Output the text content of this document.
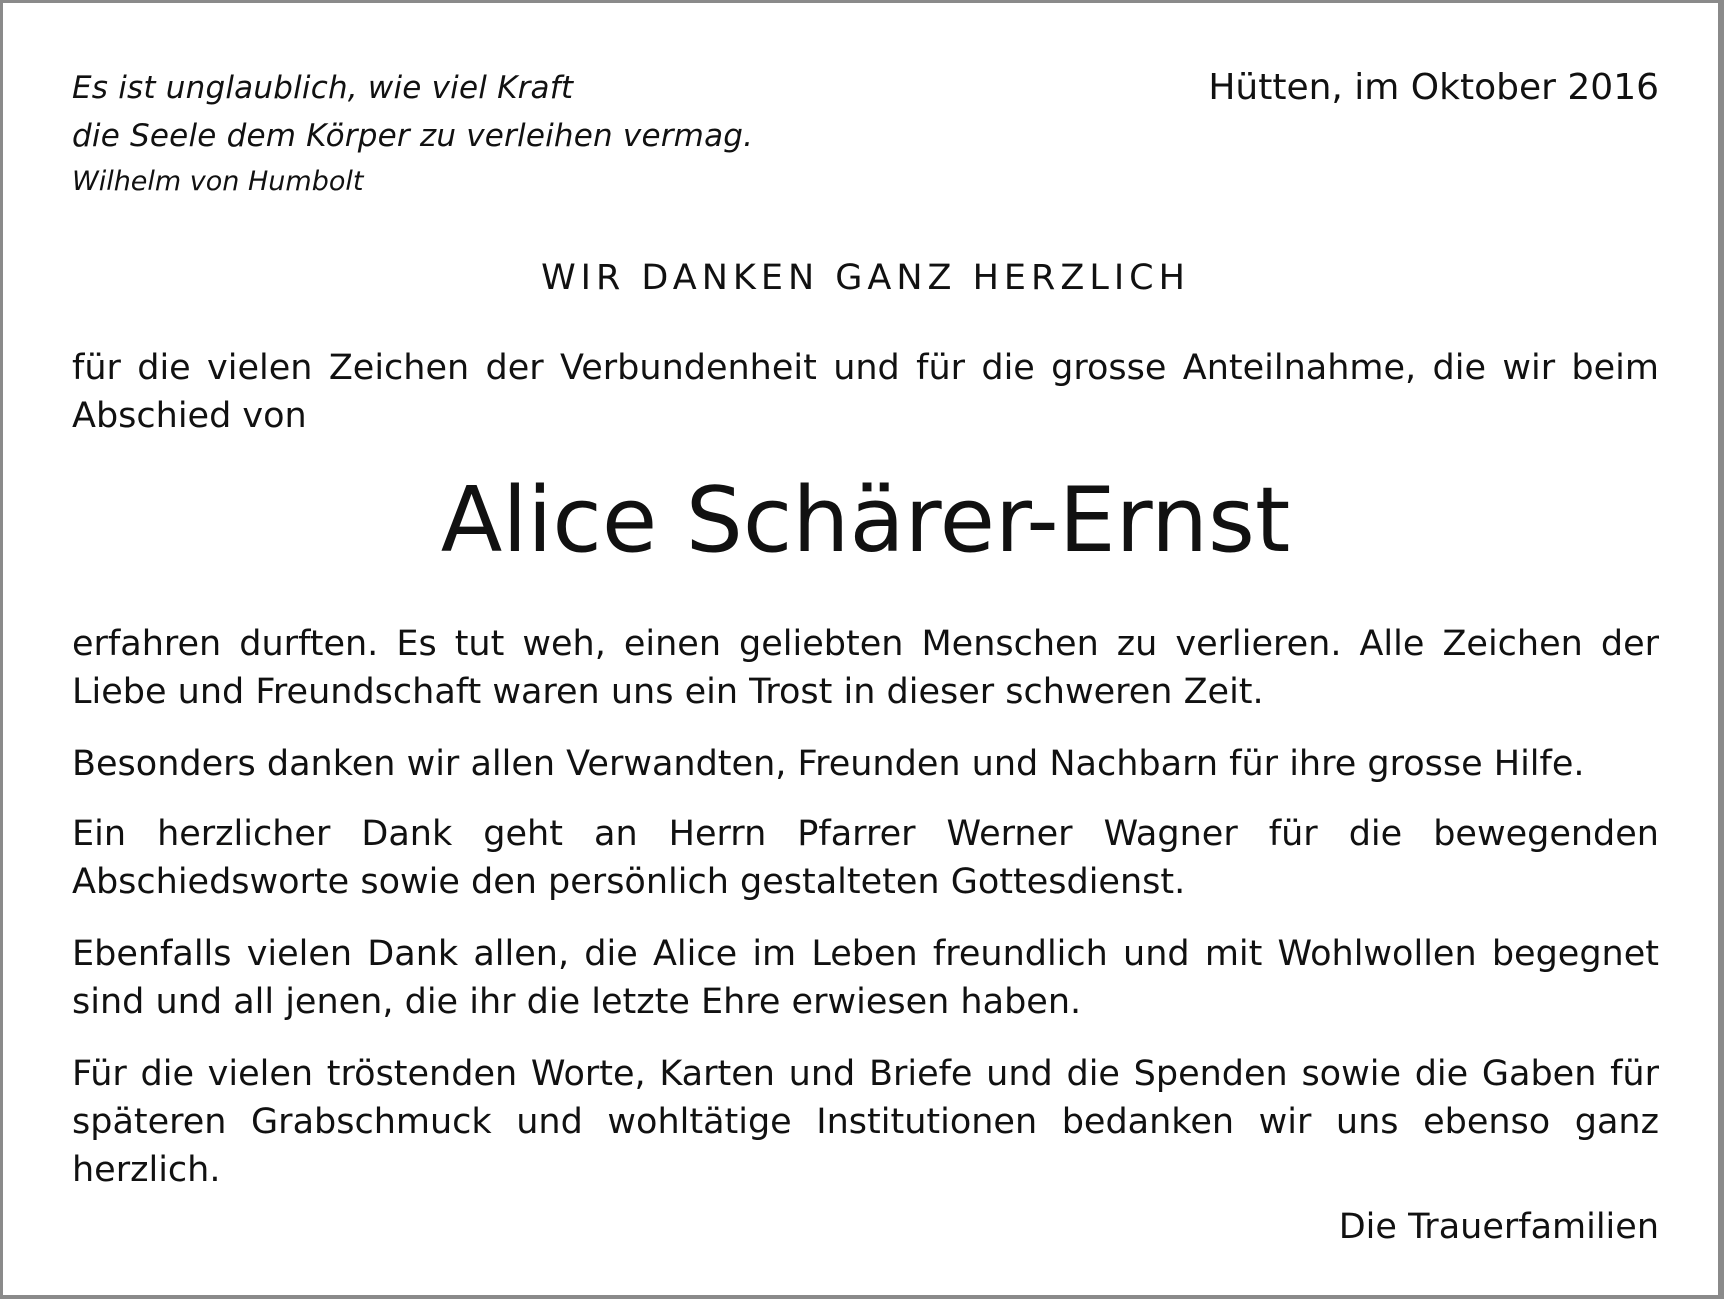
Es ist unglaublich, wie viel Kraft
die Seele dem Körper zu verleihen vermag.
Wilhelm von Humbolt
Hütten, im Oktober 2016
WIR DANKEN GANZ HERZLICH

für die vielen Zeichen der Verbundenheit und für die grosse Anteilnahme, die wir beim Abschied von

Alice Schärer-Ernst

erfahren durften. Es tut weh, einen geliebten Menschen zu verlieren. Alle Zeichen der Liebe und Freundschaft waren uns ein Trost in dieser schweren Zeit.

Besonders danken wir allen Verwandten, Freunden und Nachbarn für ihre grosse Hilfe.

Ein herzlicher Dank geht an Herrn Pfarrer Werner Wagner für die bewegenden Abschiedsworte sowie den persönlich gestalteten Gottesdienst.

Ebenfalls vielen Dank allen, die Alice im Leben freundlich und mit Wohlwollen begegnet sind und all jenen, die ihr die letzte Ehre erwiesen haben.

Für die vielen tröstenden Worte, Karten und Briefe und die Spenden sowie die Gaben für späteren Grabschmuck und wohltätige Institutionen bedanken wir uns ebenso ganz herzlich.

Die Trauerfamilien
